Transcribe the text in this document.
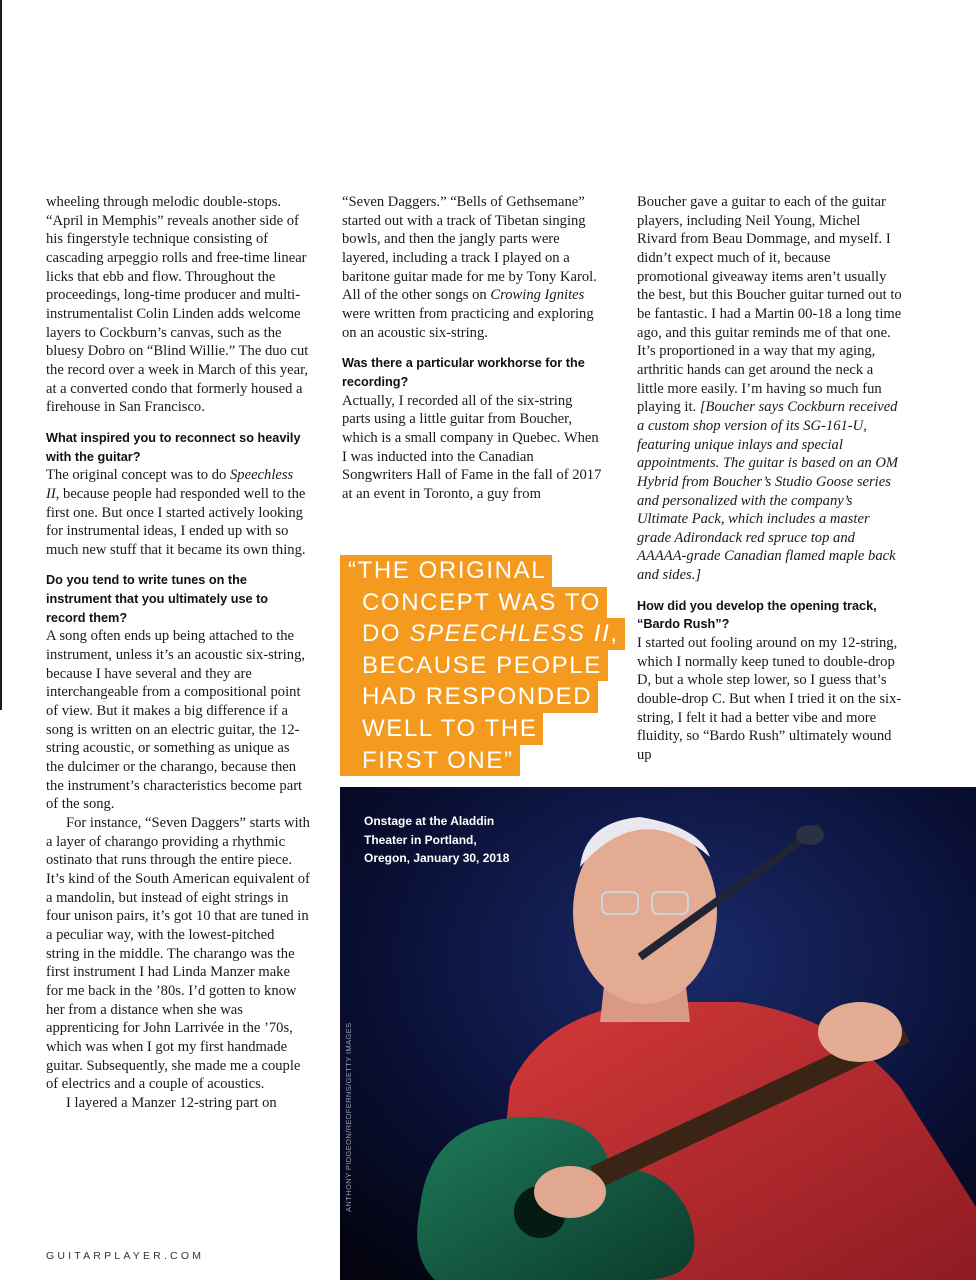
wheeling through melodic double-stops. “April in Memphis” reveals another side of his fingerstyle technique consisting of cascading arpeggio rolls and free-time linear licks that ebb and flow. Throughout the proceedings, long-time producer and multi-instrumentalist Colin Linden adds welcome layers to Cockburn’s canvas, such as the bluesy Dobro on “Blind Willie.” The duo cut the record over a week in March of this year, at a converted condo that formerly housed a firehouse in San Francisco.

What inspired you to reconnect so heavily with the guitar?

The original concept was to do Speechless II, because people had responded well to the first one. But once I started actively looking for instrumental ideas, I ended up with so much new stuff that it became its own thing.

Do you tend to write tunes on the instrument that you ultimately use to record them?

A song often ends up being attached to the instrument, unless it’s an acoustic six-string, because I have several and they are interchangeable from a compositional point of view. But it makes a big difference if a song is written on an electric guitar, the 12-string acoustic, or something as unique as the dulcimer or the charango, because then the instrument’s characteristics become part of the song.

For instance, “Seven Daggers” starts with a layer of charango providing a rhythmic ostinato that runs through the entire piece. It’s kind of the South American equivalent of a mandolin, but instead of eight strings in four unison pairs, it’s got 10 that are tuned in a peculiar way, with the lowest-pitched string in the middle. The charango was the first instrument I had Linda Manzer make for me back in the ’80s. I’d gotten to know her from a distance when she was apprenticing for John Larrivée in the ’70s, which was when I got my first handmade guitar. Subsequently, she made me a couple of electrics and a couple of acoustics.

I layered a Manzer 12-string part on

“Seven Daggers.” “Bells of Gethsemane” started out with a track of Tibetan singing bowls, and then the jangly parts were layered, including a track I played on a baritone guitar made for me by Tony Karol. All of the other songs on Crowing Ignites were written from practicing and exploring on an acoustic six-string.

Was there a particular workhorse for the recording?

Actually, I recorded all of the six-string parts using a little guitar from Boucher, which is a small company in Quebec. When I was inducted into the Canadian Songwriters Hall of Fame in the fall of 2017 at an event in Toronto, a guy from

“THE ORIGINAL
CONCEPT WAS TO
DO SPEECHLESS II,
BECAUSE PEOPLE
HAD RESPONDED
WELL TO THE
FIRST ONE”

Boucher gave a guitar to each of the guitar players, including Neil Young, Michel Rivard from Beau Dommage, and myself. I didn’t expect much of it, because promotional giveaway items aren’t usually the best, but this Boucher guitar turned out to be fantastic. I had a Martin 00-18 a long time ago, and this guitar reminds me of that one. It’s proportioned in a way that my aging, arthritic hands can get around the neck a little more easily. I’m having so much fun playing it. [Boucher says Cockburn received a custom shop version of its SG-161-U, featuring unique inlays and special appointments. The guitar is based on an OM Hybrid from Boucher’s Studio Goose series and personalized with the company’s Ultimate Pack, which includes a master grade Adirondack red spruce top and AAAAA-grade Canadian flamed maple back and sides.]

How did you develop the opening track, “Bardo Rush”?

I started out fooling around on my 12-string, which I normally keep tuned to double-drop D, but a whole step lower, so I guess that’s double-drop C. But when I tried it on the six-string, I felt it had a better vibe and more fluidity, so “Bardo Rush” ultimately wound up

Onstage at the Aladdin Theater in Portland, Oregon, January 30, 2018
ANTHONY PIDGEON/REDFERNS/GETTY IMAGES
GUITARPLAYER.COM
